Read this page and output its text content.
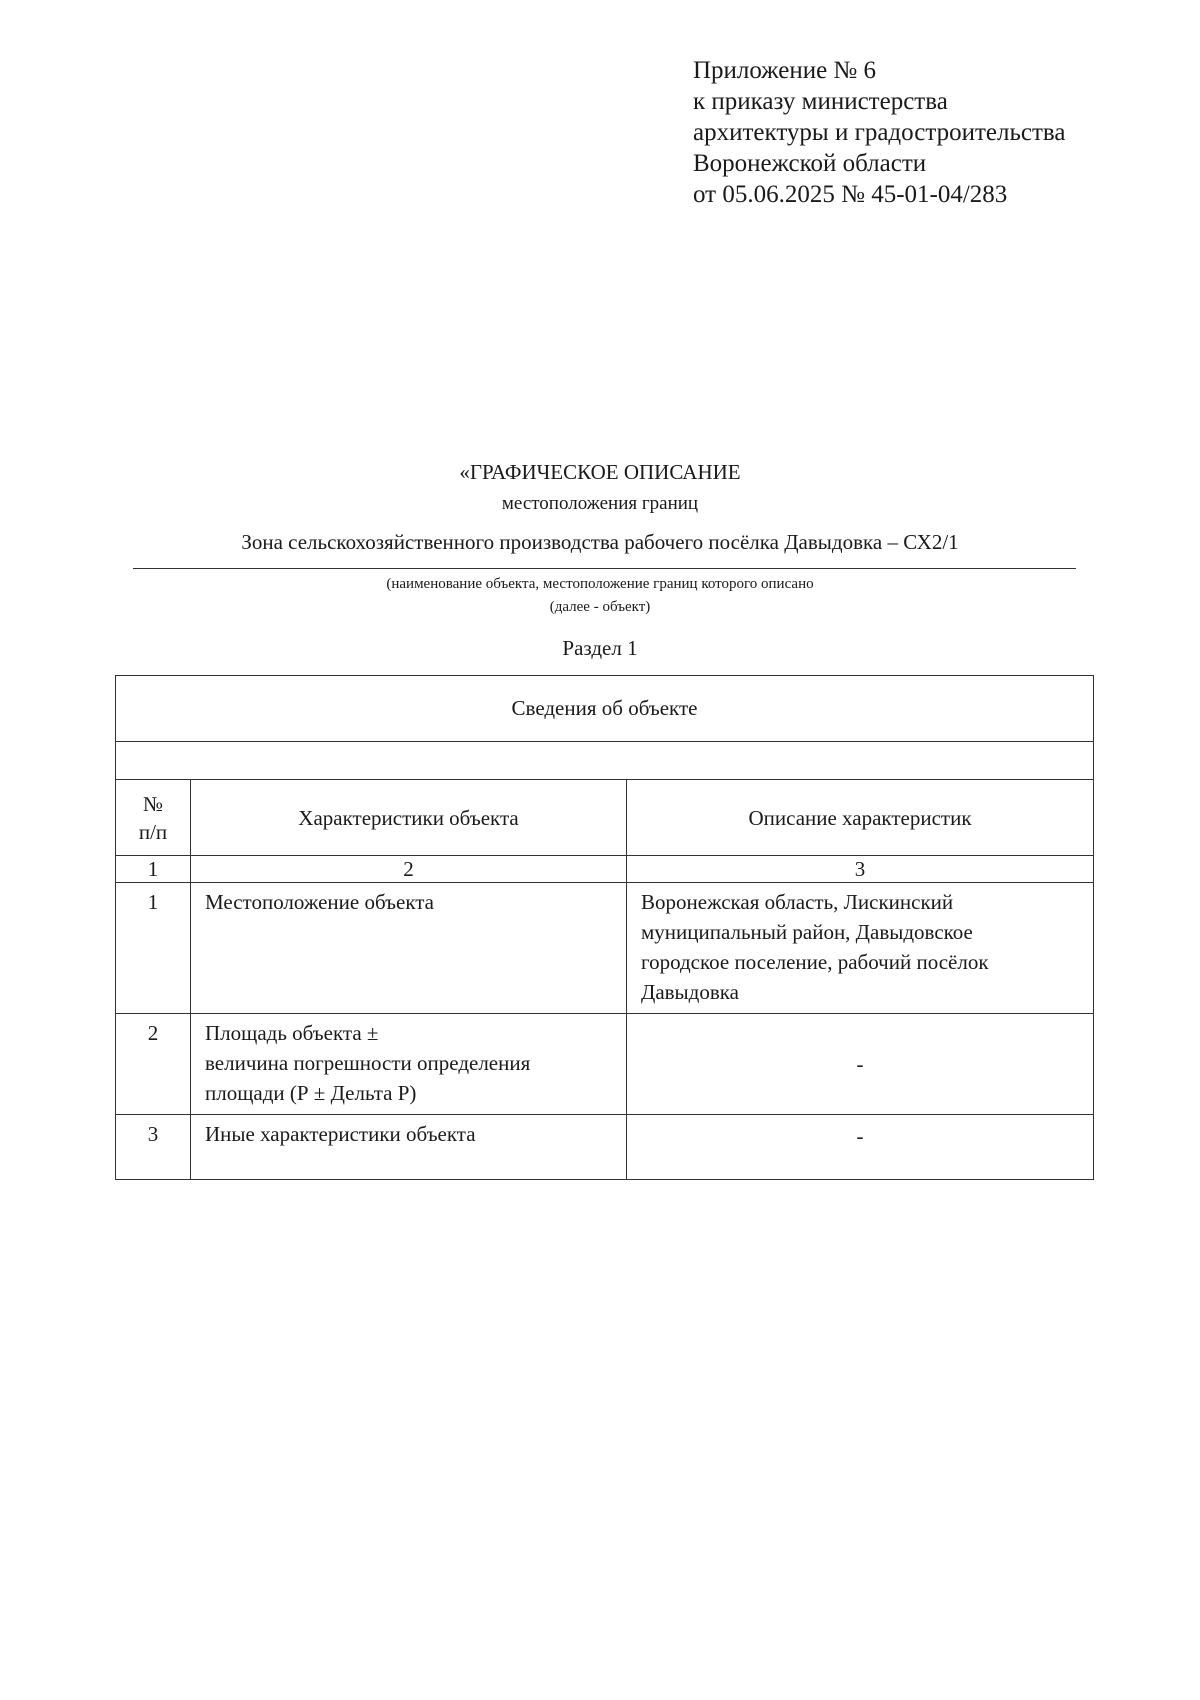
Приложение № 6
к приказу министерства
архитектуры и градостроительства
Воронежской области
от 05.06.2025 № 45-01-04/283
«ГРАФИЧЕСКОЕ ОПИСАНИЕ
местоположения границ
Зона сельскохозяйственного производства рабочего посёлка Давыдовка – СХ2/1
(наименование объекта, местоположение границ которого описано
(далее - объект)
Раздел 1
Сведения об объекте		

№
п/п	Характеристики объекта	Описание характеристик
1	2	3
1	Местоположение объекта	Воронежская область, Лискинский
муниципальный район, Давыдовское
городское поселение, рабочий посёлок
Давыдовка

2	Площадь объекта ±
величина погрешности определения
площади (Р ± Дельта Р)	-
3	Иные характеристики объекта	-
